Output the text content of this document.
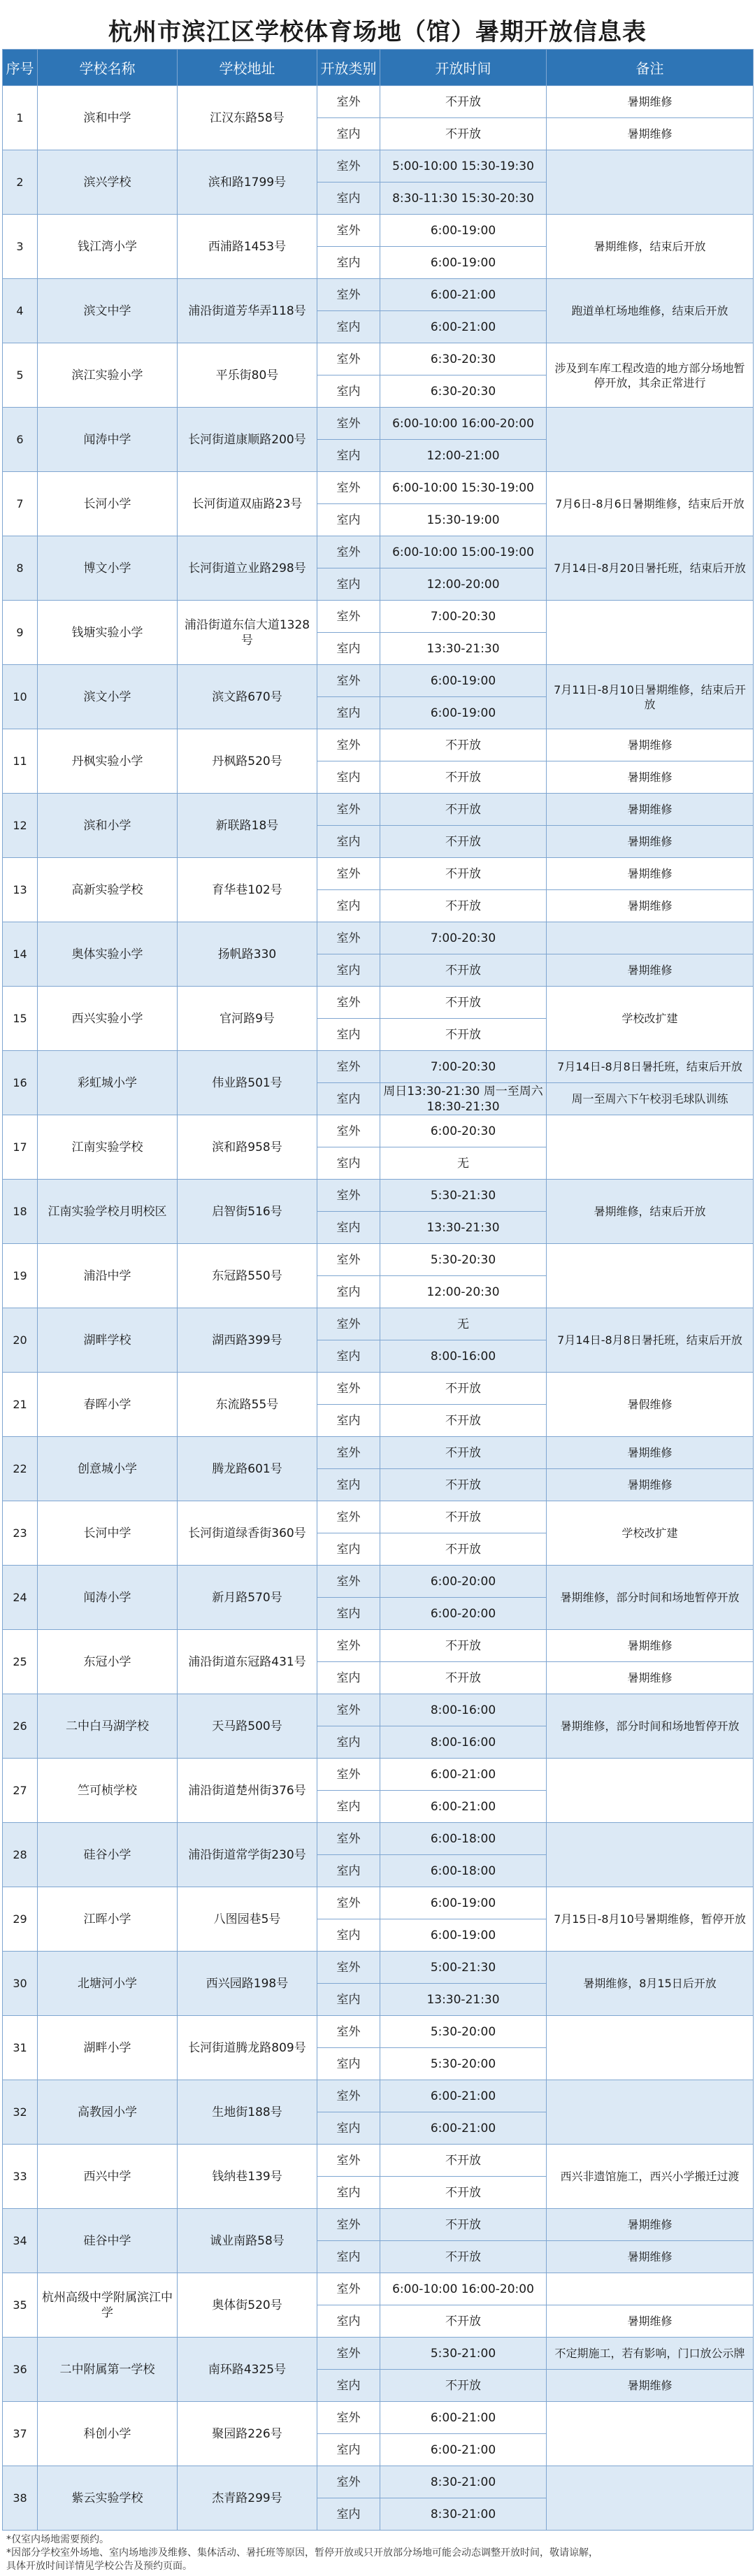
杭州市滨江区学校体育场地（馆）暑期开放信息表
序号	学校名称	学校地址	开放类别	开放时间	备注
1	滨和中学	江汉东路58号	室外	不开放	暑期维修
			室内	不开放	暑期维修
2	滨兴学校	滨和路1799号	室外	5:00-10:00 15:30-19:30	
			室内	8:30-11:30 15:30-20:30	
3	钱江湾小学	西浦路1453号	室外	6:00-19:00	暑期维修，结束后开放
			室内	6:00-19:00	
4	滨文中学	浦沿街道芳华弄118号	室外	6:00-21:00	跑道单杠场地维修，结束后开放
			室内	6:00-21:00	
5	滨江实验小学	平乐街80号	室外	6:30-20:30	涉及到车库工程改造的地方部分场地暂停开放，其余正常进行
			室内	6:30-20:30	
6	闻涛中学	长河街道康顺路200号	室外	6:00-10:00 16:00-20:00	
			室内	12:00-21:00	
7	长河小学	长河街道双庙路23号	室外	6:00-10:00 15:30-19:00	7月6日-8月6日暑期维修，结束后开放
			室内	15:30-19:00	
8	博文小学	长河街道立业路298号	室外	6:00-10:00 15:00-19:00	7月14日-8月20日暑托班，结束后开放
			室内	12:00-20:00	
9	钱塘实验小学	浦沿街道东信大道1328号	室外	7:00-20:30	
			室内	13:30-21:30	
10	滨文小学	滨文路670号	室外	6:00-19:00	7月11日-8月10日暑期维修，结束后开放
			室内	6:00-19:00	
11	丹枫实验小学	丹枫路520号	室外	不开放	暑期维修
			室内	不开放	暑期维修
12	滨和小学	新联路18号	室外	不开放	暑期维修
			室内	不开放	暑期维修
13	高新实验学校	育华巷102号	室外	不开放	暑期维修
			室内	不开放	暑期维修
14	奥体实验小学	扬帆路330	室外	7:00-20:30	
			室内	不开放	暑期维修
15	西兴实验小学	官河路9号	室外	不开放	学校改扩建
			室内	不开放	
16	彩虹城小学	伟业路501号	室外	7:00-20:30	7月14日-8月8日暑托班，结束后开放
			室内	周日13:30-21:30 周一至周六18:30-21:30	周一至周六下午校羽毛球队训练
17	江南实验学校	滨和路958号	室外	6:00-20:30	
			室内	无	
18	江南实验学校月明校区	启智街516号	室外	5:30-21:30	暑期维修，结束后开放
			室内	13:30-21:30	
19	浦沿中学	东冠路550号	室外	5:30-20:30	
			室内	12:00-20:30	
20	湖畔学校	湖西路399号	室外	无	7月14日-8月8日暑托班，结束后开放
			室内	8:00-16:00	
21	春晖小学	东流路55号	室外	不开放	暑假维修
			室内	不开放	
22	创意城小学	腾龙路601号	室外	不开放	暑期维修
			室内	不开放	暑期维修
23	长河中学	长河街道绿香街360号	室外	不开放	学校改扩建
			室内	不开放	
24	闻涛小学	新月路570号	室外	6:00-20:00	暑期维修，部分时间和场地暂停开放
			室内	6:00-20:00	
25	东冠小学	浦沿街道东冠路431号	室外	不开放	暑期维修
			室内	不开放	暑期维修
26	二中白马湖学校	天马路500号	室外	8:00-16:00	暑期维修，部分时间和场地暂停开放
			室内	8:00-16:00	
27	竺可桢学校	浦沿街道楚州街376号	室外	6:00-21:00	
			室内	6:00-21:00	
28	硅谷小学	浦沿街道常学街230号	室外	6:00-18:00	
			室内	6:00-18:00	
29	江晖小学	八图园巷5号	室外	6:00-19:00	7月15日-8月10号暑期维修，暂停开放
			室内	6:00-19:00	
30	北塘河小学	西兴园路198号	室外	5:00-21:30	暑期维修，8月15日后开放
			室内	13:30-21:30	
31	湖畔小学	长河街道腾龙路809号	室外	5:30-20:00	
			室内	5:30-20:00	
32	高教园小学	生地街188号	室外	6:00-21:00	
			室内	6:00-21:00	
33	西兴中学	钱纳巷139号	室外	不开放	西兴非遗馆施工，西兴小学搬迁过渡
			室内	不开放	
34	硅谷中学	诚业南路58号	室外	不开放	暑期维修
			室内	不开放	暑期维修
35	杭州高级中学附属滨江中学	奥体街520号	室外	6:00-10:00 16:00-20:00	
			室内	不开放	暑期维修
36	二中附属第一学校	南环路4325号	室外	5:30-21:00	不定期施工，若有影响，门口放公示牌
			室内	不开放	暑期维修
37	科创小学	聚园路226号	室外	6:00-21:00	
			室内	6:00-21:00	
38	紫云实验学校	杰青路299号	室外	8:30-21:00	
			室内	8:30-21:00	
*仅室内场地需要预约。
*因部分学校室外场地、室内场地涉及维修、集体活动、暑托班等原因，暂停开放或只开放部分场地可能会动态调整开放时间，敬请谅解，
具体开放时间详情见学校公告及预约页面。
